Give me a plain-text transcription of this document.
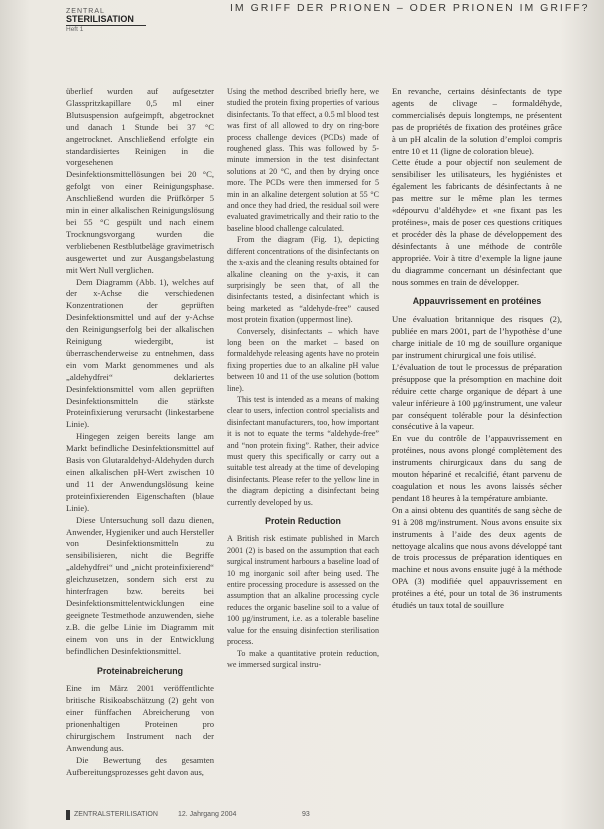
IM GRIFF DER PRIONEN – ODER PRIONEN IM GRIFF?
ZENTRAL
STERILISATION
Heft 1

überlief wurden auf aufgesetzter Glasspritzkapillare 0,5 ml einer Blutsuspension aufgeimpft, abgetrocknet und danach 1 Stunde bei 37 °C angetrocknet. Anschließend erfolgte ein standardisiertes Reinigen in die vorgesehenen Desinfektionsmittellösungen bei 20 °C, gefolgt von einer Reinigungsphase. Anschließend wurden die Prüfkörper 5 min in einer alkalischen Reinigungslösung bei 55 °C gespült und nach einem Trocknungsvorgang wurden die verbliebenen Restblutbeläge gravimetrisch ausgewertet und zur Ausgangsbelastung mit Wert Null verglichen.

Dem Diagramm (Abb. 1), welches auf der x-Achse die verschiedenen Konzentrationen der geprüften Desinfektionsmittel und auf der y-Achse den Reinigungserfolg bei der alkalischen Reinigung wiedergibt, ist überraschenderweise zu entnehmen, dass ein vom Markt genommenes und als „aldehydfrei“ deklariertes Desinfektionsmittel vom allen geprüften Desinfektionsmitteln die stärkste Proteinfixierung verursacht (linkestarbene Linie).

Hingegen zeigen bereits lange am Markt befindliche Desinfektionsmittel auf Basis von Glutaraldehyd-Aldehyden durch einen alkalischen pH-Wert zwischen 10 und 11 der Anwendungslösung keine proteinfixierenden Eigenschaften (blaue Linie).

Diese Untersuchung soll dazu dienen, Anwender, Hygieniker und auch Hersteller von Desinfektionsmitteln zu sensibilisieren, nicht die Begriffe „aldehydfrei“ und „nicht proteinfixierend“ gleichzusetzen, sondern sich erst zu hinterfragen bzw. bereits bei Desinfektionsmittelentwicklungen eine geeignete Testmethode anzuwenden, siehe z.B. die gelbe Linie im Diagramm mit einem von uns in der Entwicklung befindlichen Desinfektionsmittel.

Proteinabreicherung

Eine im März 2001 veröffentlichte britische Risikoabschätzung (2) geht von einer fünffachen Abreicherung von prionenhaltigen Proteinen pro chirurgischem Instrument nach der Anwendung aus.

Die Bewertung des gesamten Aufbereitungsprozesses geht davon aus,

Using the method described briefly here, we studied the protein fixing properties of various disinfectants. To that effect, a 0.5 ml blood test was first of all allowed to dry on ring-bore process challenge devices (PCDs) made of roughened glass. This was followed by 5-minute immersion in the test disinfectant solutions at 20 °C, and then by drying once more. The PCDs were then immersed for 5 min in an alkaline detergent solution at 55 °C and once they had dried, the residual soil were evaluated gravimetrically and their ratio to the baseline blood challenge calculated.

From the diagram (Fig. 1), depicting different concentrations of the disinfectants on the x-axis and the cleaning results obtained for alkaline cleaning on the y-axis, it can surprisingly be seen that, of all the disinfectants tested, a disinfectant which is being marketed as “aldehyde-free” caused most protein fixation (uppermost line).

Conversely, disinfectants – which have long been on the market – based on formaldehyde releasing agents have no protein fixing properties due to an alkaline pH value between 10 and 11 of the use solution (bottom line).

This test is intended as a means of making clear to users, infection control specialists and disinfectant manufacturers, too, how important it is not to equate the terms “aldehyde-free” and “non protein fixing”. Rather, their advice must query this specifically or carry out a suitable test already at the time of developing disinfectants. Please refer to the yellow line in the diagram depicting a disinfectant being currently developed by us.

Protein Reduction

A British risk estimate published in March 2001 (2) is based on the assumption that each surgical instrument harbours a baseline load of 10 mg inorganic soil after being used. The entire processing procedure is assessed on the assumption that an alkaline processing cycle reduces the organic baseline soil to a value of 100 µg/instrument, i.e. as a tolerable baseline value for the ensuing disinfection sterilisation process.

To make a quantitative protein reduction, we immersed surgical instru-

En revanche, certains désinfectants de type agents de clivage – formaldéhyde, commercialisés depuis longtemps, ne présentent pas de propriétés de fixation des protéines grâce à un pH alcalin de la solution d’emploi compris entre 10 et 11 (ligne de coloration bleue).

Cette étude a pour objectif non seulement de sensibiliser les utilisateurs, les hygiénistes et également les fabricants de désinfectants à ne pas mettre sur le même plan les termes «dépourvu d’aldéhyde» et «ne fixant pas les protéines», mais de poser ces questions critiques et procéder dès la phase de développement des désinfectants à une méthode de contrôle appropriée. Voir à titre d’exemple la ligne jaune du diagramme concernant un désinfectant que nous sommes en train de développer.

Appauvrissement en protéines

Une évaluation britannique des risques (2), publiée en mars 2001, part de l’hypothèse d’une charge initiale de 10 mg de souillure organique par instrument chirurgical une fois utilisé.

L’évaluation de tout le processus de préparation présuppose que la présomption en machine doit réduire cette charge organique de départ à une valeur inférieure à 100 µg/instrument, une valeur par conséquent tolérable pour la désinfection consécutive à la vapeur.

En vue du contrôle de l’appauvrissement en protéines, nous avons plongé complètement des instruments chirurgicaux dans du sang de mouton hépariné et recalcifié, étant parvenu de coagulation et nous les avons laissés sécher pendant 18 heures à la température ambiante.

On a ainsi obtenu des quantités de sang sèche de 91 à 208 mg/instrument. Nous avons ensuite six instruments à l’aide des deux agents de nettoyage alcalins que nous avons développé tant de trois processus de préparation identiques en machine et nous avons ensuite jugé à la méthode OPA (3) modifiée quel appauvrissement en protéines a été, pour un total de 36 instruments étudiés un taux total de souillure

ZENTRALSTERILISATION	12. Jahrgang 2004	93
